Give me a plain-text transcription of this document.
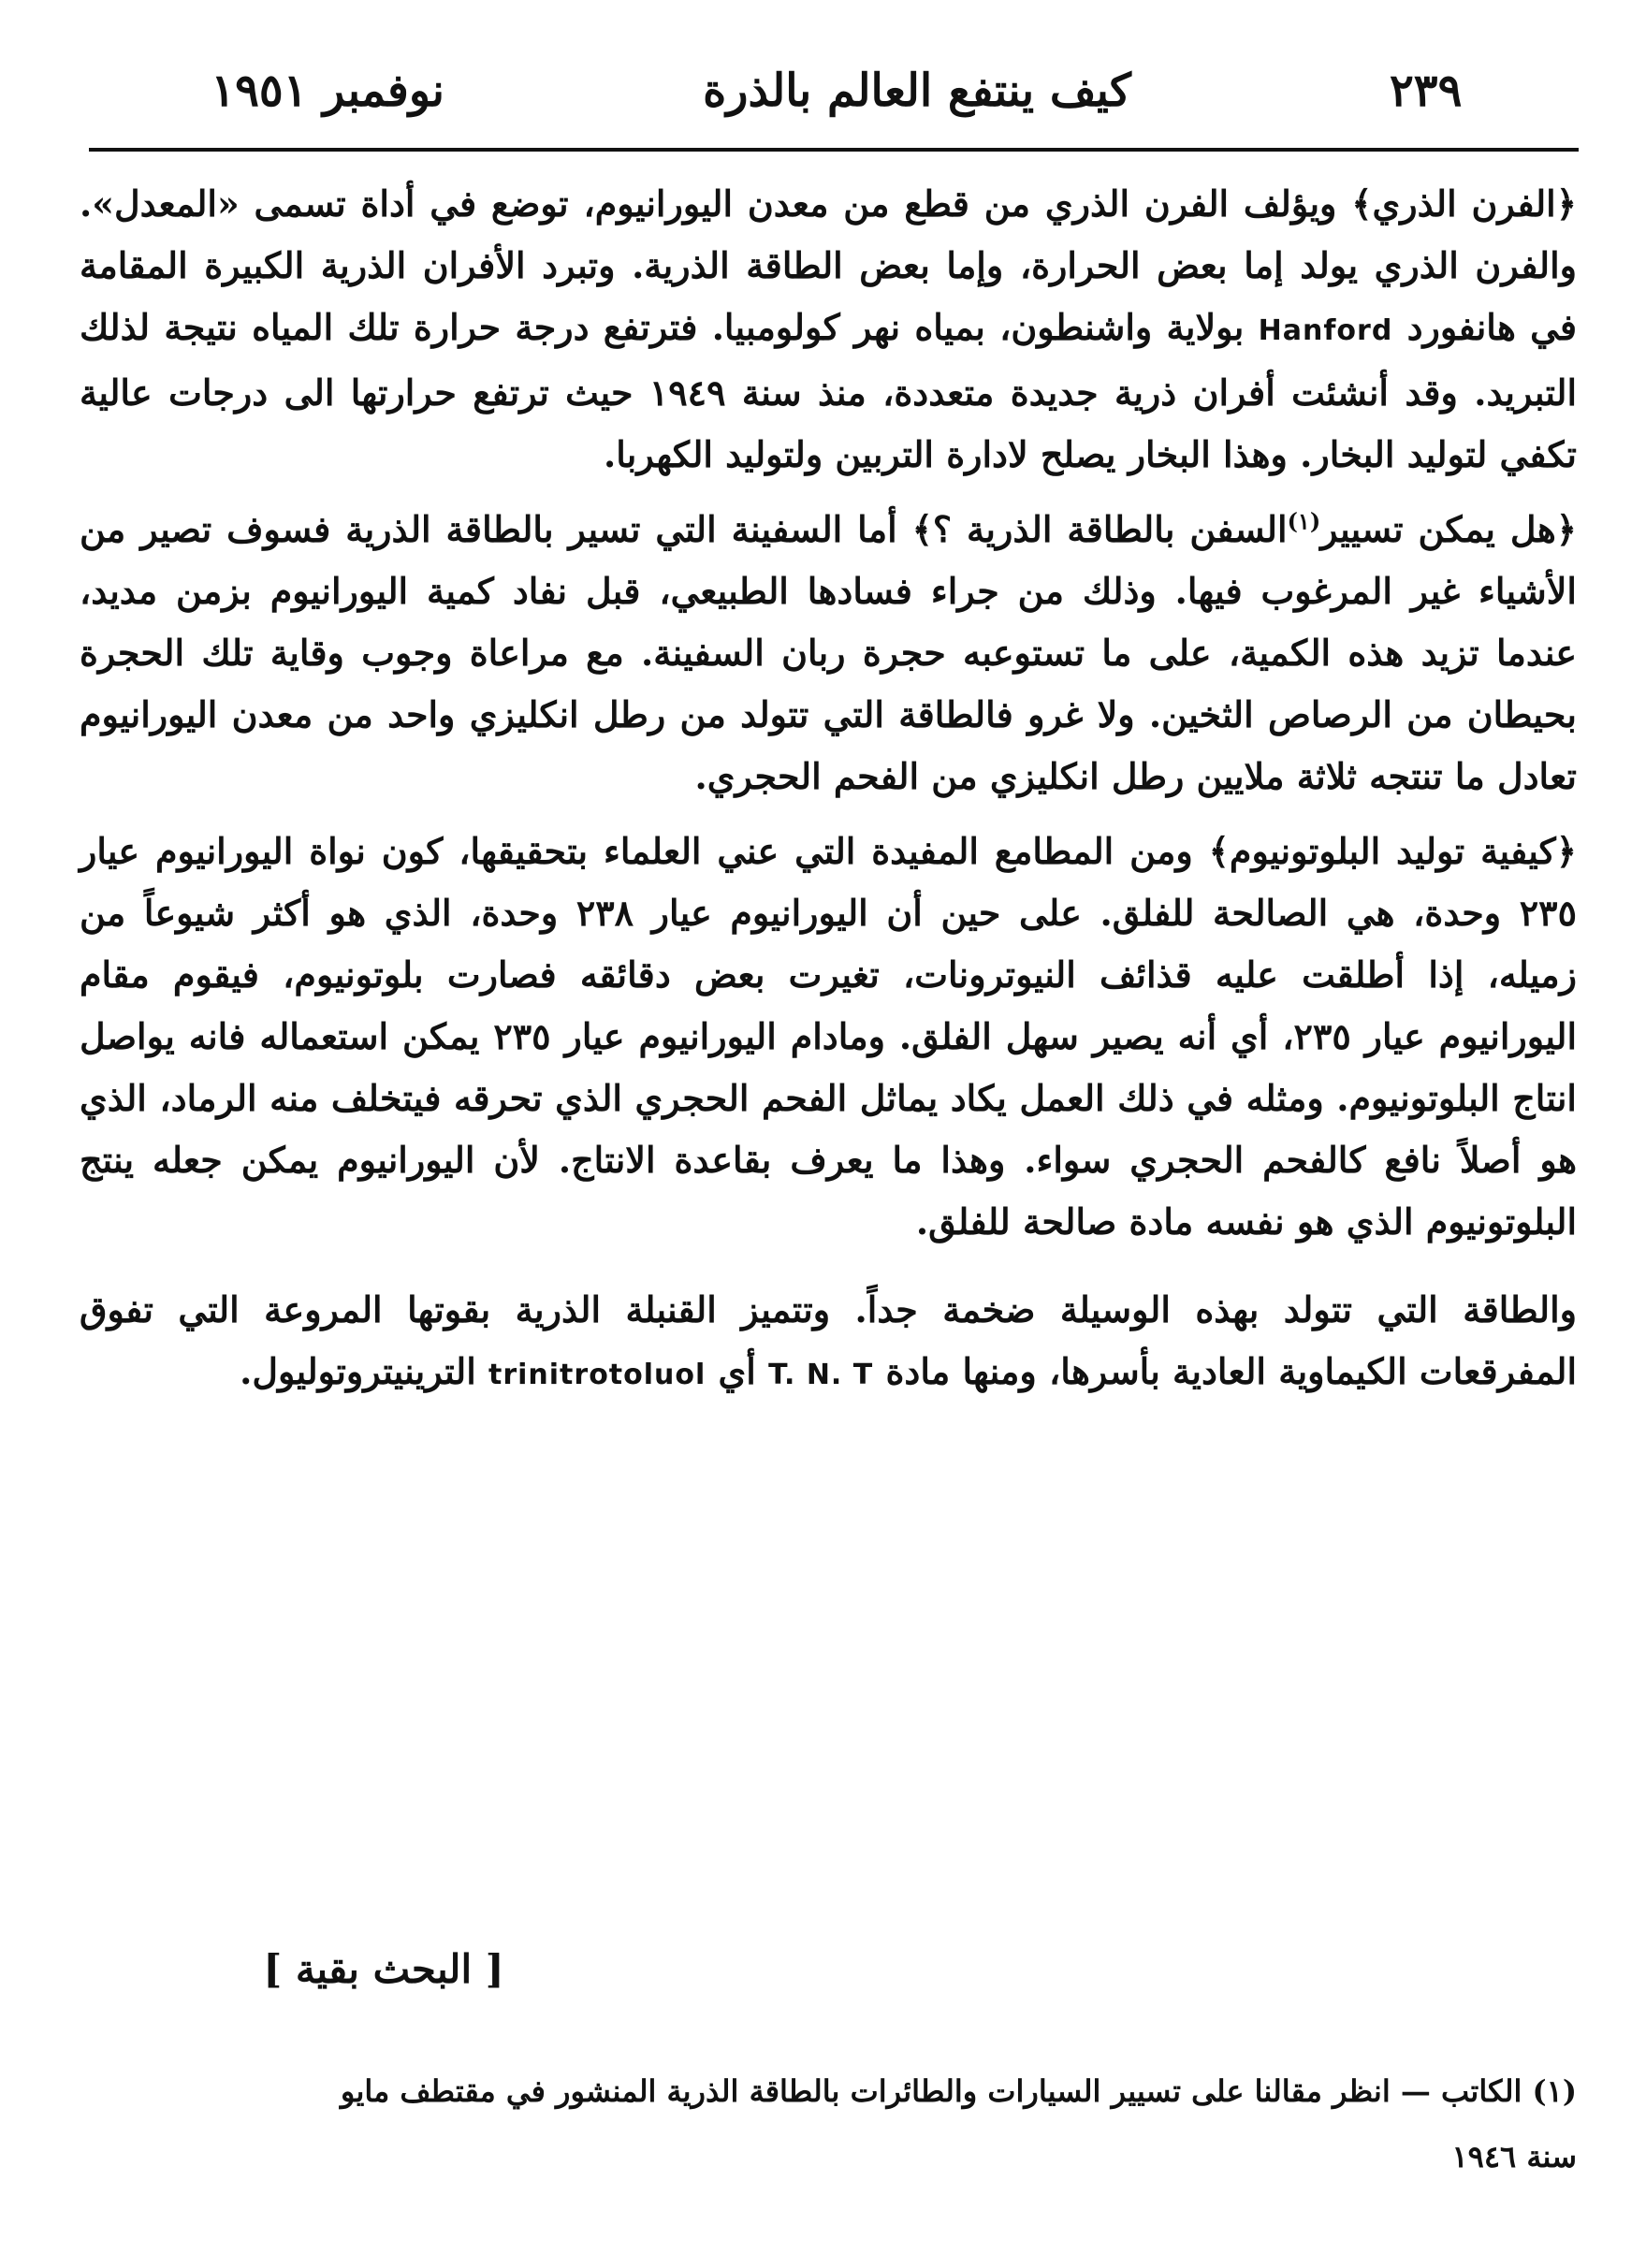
نوفمبر ١٩٥١	كيف ينتفع العالم بالذرة	٢٣٩

﴿الفرن الذري﴾ ويؤلف الفرن الذري من قطع من معدن اليورانيوم، توضع في أداة تسمى «المعدل». والفرن الذري يولد إما بعض الحرارة، وإما بعض الطاقة الذرية. وتبرد الأفران الذرية الكبيرة المقامة في هانفورد Hanford بولاية واشنطون، بمياه نهر كولومبيا. فترتفع درجة حرارة تلك المياه نتيجة لذلك التبريد. وقد أنشئت أفران ذرية جديدة متعددة، منذ سنة ١٩٤٩ حيث ترتفع حرارتها الى درجات عالية تكفي لتوليد البخار. وهذا البخار يصلح لادارة التربين ولتوليد الكهربا.

﴿هل يمكن تسيير$^{(١)}$السفن بالطاقة الذرية ؟﴾ أما السفينة التي تسير بالطاقة الذرية فسوف تصير من الأشياء غير المرغوب فيها. وذلك من جراء فسادها الطبيعي، قبل نفاد كمية اليورانيوم بزمن مديد، عندما تزيد هذه الكمية، على ما تستوعبه حجرة ربان السفينة. مع مراعاة وجوب وقاية تلك الحجرة بحيطان من الرصاص الثخين. ولا غرو فالطاقة التي تتولد من رطل انكليزي واحد من معدن اليورانيوم تعادل ما تنتجه ثلاثة ملايين رطل انكليزي من الفحم الحجري.

﴿كيفية توليد البلوتونيوم﴾ ومن المطامع المفيدة التي عني العلماء بتحقيقها، كون نواة اليورانيوم عيار ٢٣٥ وحدة، هي الصالحة للفلق. على حين أن اليورانيوم عيار ٢٣٨ وحدة، الذي هو أكثر شيوعاً من زميله، إذا أطلقت عليه قذائف النيوترونات، تغيرت بعض دقائقه فصارت بلوتونيوم، فيقوم مقام اليورانيوم عيار ٢٣٥، أي أنه يصير سهل الفلق. ومادام اليورانيوم عيار ٢٣٥ يمكن استعماله فانه يواصل انتاج البلوتونيوم. ومثله في ذلك العمل يكاد يماثل الفحم الحجري الذي تحرقه فيتخلف منه الرماد، الذي هو أصلاً نافع كالفحم الحجري سواء. وهذا ما يعرف بقاعدة الانتاج. لأن اليورانيوم يمكن جعله ينتج البلوتونيوم الذي هو نفسه مادة صالحة للفلق.

والطاقة التي تتولد بهذه الوسيلة ضخمة جداً. وتتميز القنبلة الذرية بقوتها المروعة التي تفوق المفرقعات الكيماوية العادية بأسرها، ومنها مادة T. N. T أي trinitrotoluol الترينيتروتوليول.

[ البحث بقية ]

(١) الكاتب — انظر مقالنا على تسيير السيارات والطائرات بالطاقة الذرية المنشور في مقتطف مايو

سنة ١٩٤٦
